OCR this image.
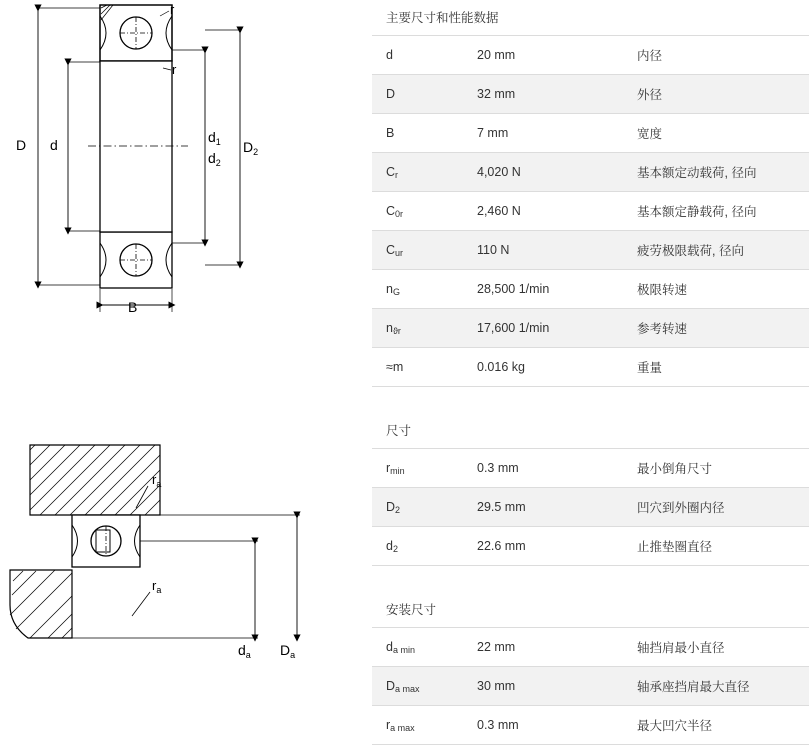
D d	$d_1$
$d_2$
$D_2$
r
r
B
$r_a$
$r_a$
$d_a$ $D_a$
主要尺寸和性能数据
d	20 mm	内径
D	32 mm	外径
B	7 mm	宽度
$C_r$	4,020 N	基本额定动载荷, 径向
$C_{0r}$	2,460 N	基本额定静载荷, 径向
$C_{ur}$	110 N	疲劳极限载荷, 径向
$n_G$	28,500 1/min	极限转速
$n_{ϑr}$	17,600 1/min	参考转速
≈m	0.016 kg	重量
尺寸
$r_{min}$	0.3 mm	最小倒角尺寸
$D_2$	29.5 mm	凹穴到外圈内径
$d_2$	22.6 mm	止推垫圈直径
安装尺寸
$d_{a min}$	22 mm	轴挡肩最小直径
$D_{a max}$	30 mm	轴承座挡肩最大直径
$r_{a max}$	0.3 mm	最大凹穴半径
